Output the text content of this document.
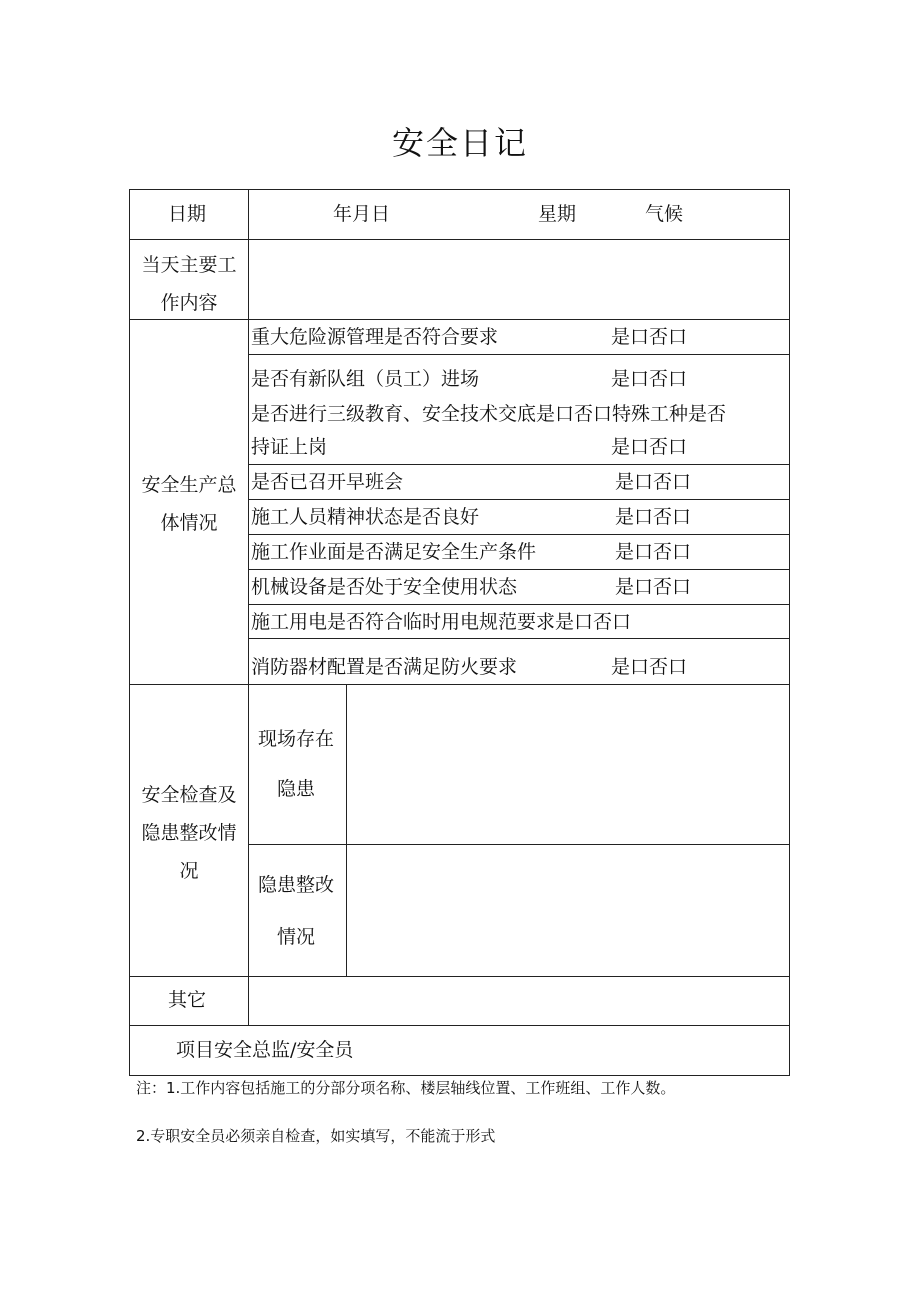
安全日记
日期	年月日	星期	气候
当天主要工作内容
安全生产总体情况
重大危险源管理是否符合要求	是口否口
是否有新队组（员工）进场	是口否口
是否进行三级教育、安全技术交底是口否口特殊工种是否
持证上岗	是口否口
是否已召开早班会	是口否口
施工人员精神状态是否良好	是口否口
施工作业面是否满足安全生产条件	是口否口
机械设备是否处于安全使用状态	是口否口
施工用电是否符合临时用电规范要求是口否口
消防器材配置是否满足防火要求	是口否口
安全检查及隐患整改情况
现场存在隐患
隐患整改情况
其它
项目安全总监/安全员
注：1.工作内容包括施工的分部分项名称、楼层轴线位置、工作班组、工作人数。
2.专职安全员必须亲自检查，如实填写，不能流于形式
